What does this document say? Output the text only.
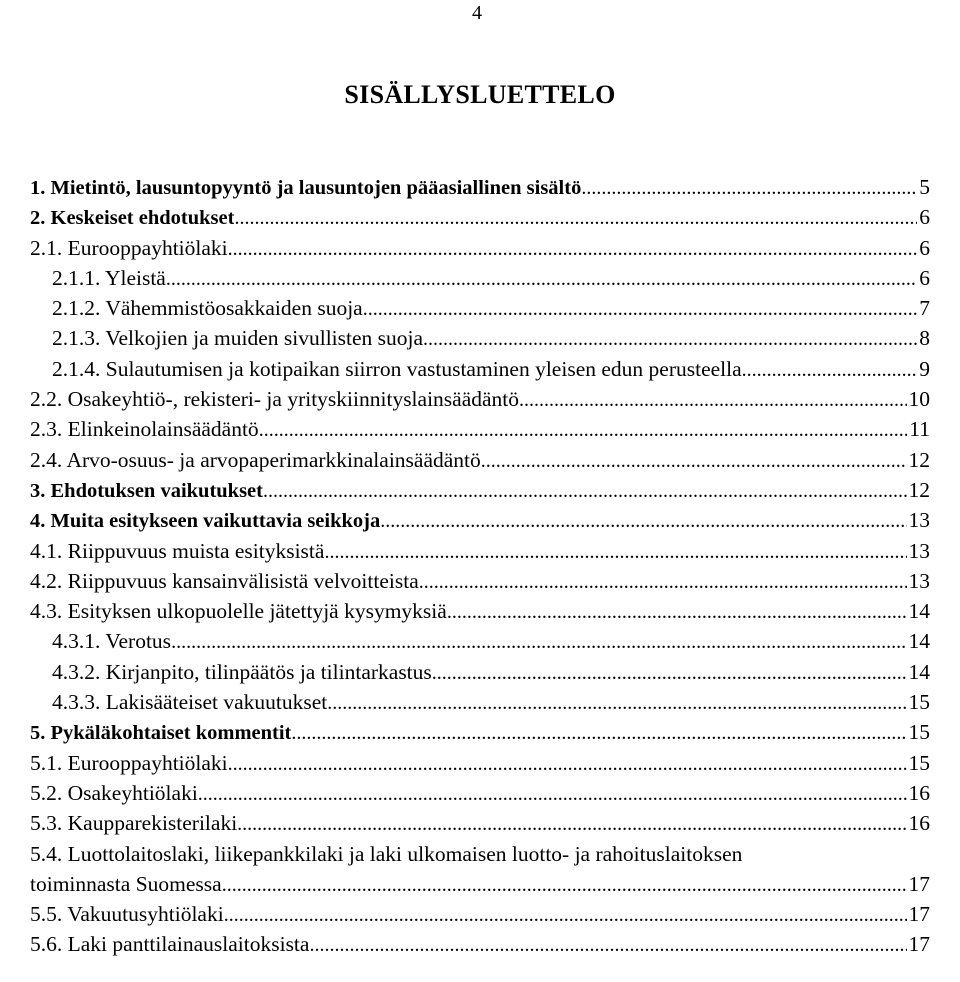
4
SISÄLLYSLUETTELO
1. Mietintö, lausuntopyyntö ja lausuntojen pääasiallinen sisältö .....	5
2. Keskeiset ehdotukset .....	6
2.1. Eurooppayhtiölaki .....	6
2.1.1. Yleistä .....	6
2.1.2. Vähemmistöosakkaiden suoja .....	7
2.1.3. Velkojien ja muiden sivullisten suoja .....	8
2.1.4. Sulautumisen ja kotipaikan siirron vastustaminen yleisen edun perusteella .....	9
2.2. Osakeyhtiö-, rekisteri- ja yrityskiinnityslainsäädäntö .....	10
2.3. Elinkeinolainsäädäntö .....	11
2.4. Arvo-osuus- ja arvopaperimarkkinalainsäädäntö .....	12
3. Ehdotuksen vaikutukset .....	12
4. Muita esitykseen vaikuttavia seikkoja .....	13
4.1. Riippuvuus muista esityksistä .....	13
4.2. Riippuvuus kansainvälisistä velvoitteista .....	13
4.3. Esityksen ulkopuolelle jätettyjä kysymyksiä .....	14
4.3.1. Verotus .....	14
4.3.2. Kirjanpito, tilinpäätös ja tilintarkastus .....	14
4.3.3. Lakisääteiset vakuutukset .....	15
5. Pykäläkohtaiset kommentit .....	15
5.1. Eurooppayhtiölaki .....	15
5.2. Osakeyhtiölaki .....	16
5.3. Kaupparekisterilaki .....	16
5.4. Luottolaitoslaki, liikepankkilaki ja laki ulkomaisen luotto- ja rahoituslaitoksen
toiminnasta Suomessa .....	17
5.5. Vakuutusyhtiölaki .....	17
5.6. Laki panttilainauslaitoksista .....	17
